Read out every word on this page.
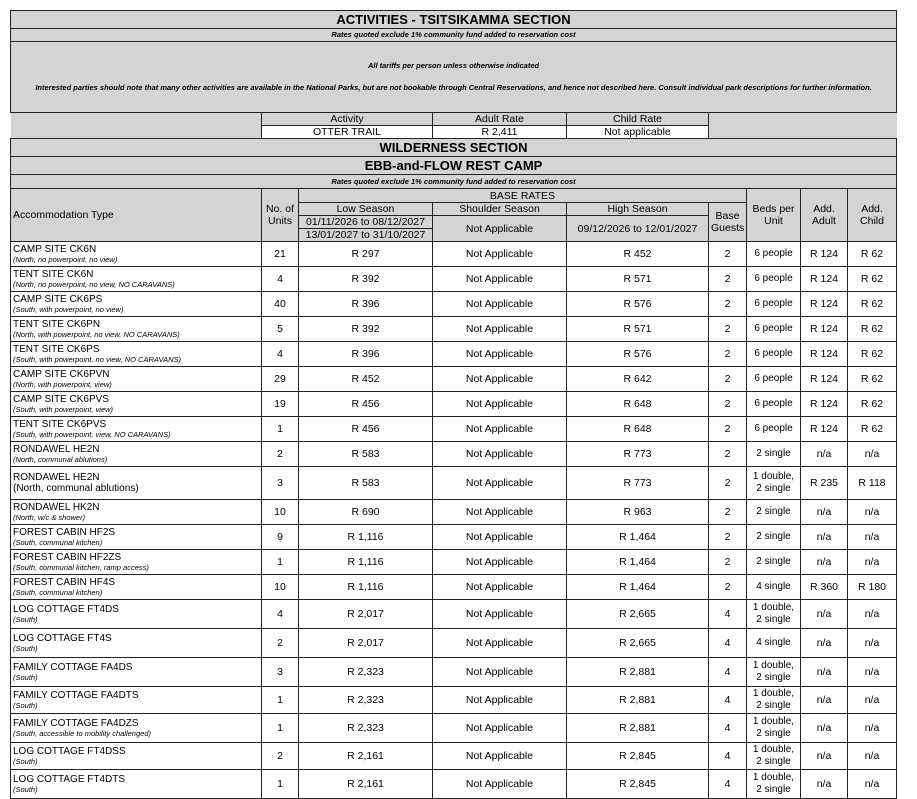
ACTIVITIES - TSITSIKAMMA SECTION								
Rates quoted exclude 1% community fund added to reservation cost								

All tariffs per person unless otherwise indicated
Interested parties should note that many other activities are available in the National Parks, but are not bookable through Central Reservations, and hence not described here. Consult individual park descriptions for further information.								

	Activity		Adult Rate	Child Rate				
	OTTER TRAIL		R 2,411	Not applicable				
WILDERNESS SECTION								
EBB-and-FLOW REST CAMP								
Rates quoted exclude 1% community fund added to reservation cost								
Accommodation Type	No. of Units	BASE RATES				Beds per Unit	Add. Adult	Add. Child
		Low Season	Shoulder Season	High Season	Base Guests			
		01/11/2026 to 08/12/2027	Not Applicable	09/12/2026 to 12/01/2027				
		13/01/2027 to 31/10/2027						

CAMP SITE CK6N
(North, no powerpoint, no view)	21	R 297	Not Applicable	R 452	2	6 people	R 124	R 62

TENT SITE CK6N
(North, no powerpoint, no view, NO CARAVANS)	4	R 392	Not Applicable	R 571	2	6 people	R 124	R 62

CAMP SITE CK6PS
(South, with powerpoint, no view)	40	R 396	Not Applicable	R 576	2	6 people	R 124	R 62

TENT SITE CK6PN
(North, with powerpoint, no view, NO CARAVANS)	5	R 392	Not Applicable	R 571	2	6 people	R 124	R 62

TENT SITE CK6PS
(South, with powerpoint, no view, NO CARAVANS)	4	R 396	Not Applicable	R 576	2	6 people	R 124	R 62

CAMP SITE CK6PVN
(North, with powerpoint, view)	29	R 452	Not Applicable	R 642	2	6 people	R 124	R 62

CAMP SITE CK6PVS
(South, with powerpoint, view)	19	R 456	Not Applicable	R 648	2	6 people	R 124	R 62

TENT SITE CK6PVS
(South, with powerpoint, view, NO CARAVANS)	1	R 456	Not Applicable	R 648	2	6 people	R 124	R 62

RONDAWEL HE2N
(North, communal ablutions)	2	R 583	Not Applicable	R 773	2	2 single	n/a	n/a

RONDAWEL HE2N
(North, communal ablutions)	3	R 583	Not Applicable	R 773	2	1 double, 2 single	R 235	R 118

RONDAWEL HK2N
(North, w/c & shower)	10	R 690	Not Applicable	R 963	2	2 single	n/a	n/a

FOREST CABIN HF2S
(South, communal kitchen)	9	R 1,116	Not Applicable	R 1,464	2	2 single	n/a	n/a

FOREST CABIN HF2ZS
(South, communal kitchen, ramp access)	1	R 1,116	Not Applicable	R 1,464	2	2 single	n/a	n/a

FOREST CABIN HF4S
(South, communal kitchen)	10	R 1,116	Not Applicable	R 1,464	2	4 single	R 360	R 180

LOG COTTAGE FT4DS
(South)	4	R 2,017	Not Applicable	R 2,665	4	1 double, 2 single	n/a	n/a

LOG COTTAGE FT4S
(South)	2	R 2,017	Not Applicable	R 2,665	4	4 single	n/a	n/a

FAMILY COTTAGE FA4DS
(South)	3	R 2,323	Not Applicable	R 2,881	4	1 double, 2 single	n/a	n/a

FAMILY COTTAGE FA4DTS
(South)	1	R 2,323	Not Applicable	R 2,881	4	1 double, 2 single	n/a	n/a

FAMILY COTTAGE FA4DZS
(South, accessible to mobility challenged)	1	R 2,323	Not Applicable	R 2,881	4	1 double, 2 single	n/a	n/a

LOG COTTAGE FT4DSS
(South)	2	R 2,161	Not Applicable	R 2,845	4	1 double, 2 single	n/a	n/a

LOG COTTAGE FT4DTS
(South)	1	R 2,161	Not Applicable	R 2,845	4	1 double, 2 single	n/a	n/a
